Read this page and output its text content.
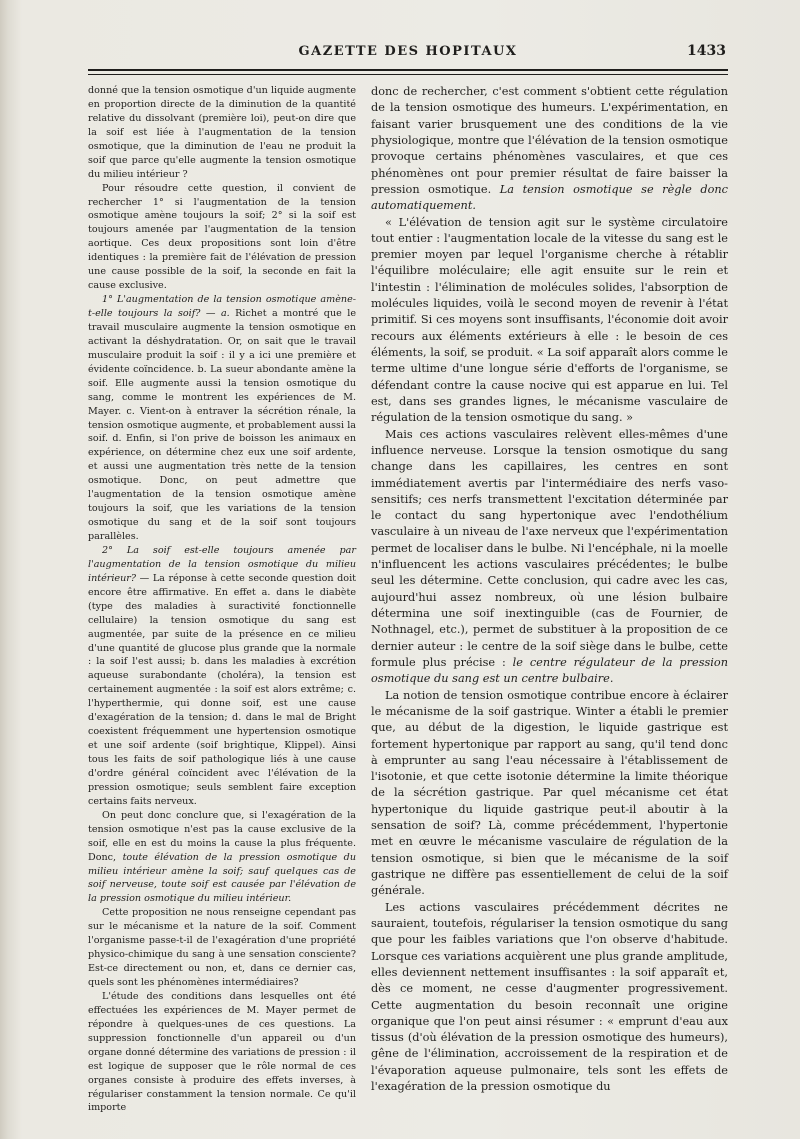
GAZETTE DES HOPITAUX	1433

donné que la tension osmotique d'un liquide augmente en proportion directe de la diminution de la quantité relative du dissolvant (première loi), peut-on dire que la soif est liée à l'augmentation de la tension osmotique, que la diminution de l'eau ne produit la soif que parce qu'elle augmente la tension osmotique du milieu intérieur ?

Pour résoudre cette question, il convient de rechercher 1° si l'augmentation de la tension osmotique amène toujours la soif; 2° si la soif est toujours amenée par l'augmentation de la tension aortique. Ces deux propositions sont loin d'être identiques : la première fait de l'élévation de pression une cause possible de la soif, la seconde en fait la cause exclusive.

1° L'augmentation de la tension osmotique amène-t-elle toujours la soif? — a. Richet a montré que le travail musculaire augmente la tension osmotique en activant la déshydratation. Or, on sait que le travail musculaire produit la soif : il y a ici une première et évidente coïncidence. b. La sueur abondante amène la soif. Elle augmente aussi la tension osmotique du sang, comme le montrent les expériences de M. Mayer. c. Vient-on à entraver la sécrétion rénale, la tension osmotique augmente, et probablement aussi la soif. d. Enfin, si l'on prive de boisson les animaux en expérience, on détermine chez eux une soif ardente, et aussi une augmentation très nette de la tension osmotique. Donc, on peut admettre que l'augmentation de la tension osmotique amène toujours la soif, que les variations de la tension osmotique du sang et de la soif sont toujours parallèles.

2° La soif est-elle toujours amenée par l'augmentation de la tension osmotique du milieu intérieur? — La réponse à cette seconde question doit encore être affirmative. En effet a. dans le diabète (type des maladies à suractivité fonctionnelle cellulaire) la tension osmotique du sang est augmentée, par suite de la présence en ce milieu d'une quantité de glucose plus grande que la normale : la soif l'est aussi; b. dans les maladies à excrétion aqueuse surabondante (choléra), la tension est certainement augmentée : la soif est alors extrême; c. l'hyperthermie, qui donne soif, est une cause d'exagération de la tension; d. dans le mal de Bright coexistent fréquemment une hypertension osmotique et une soif ardente (soif brightique, Klippel). Ainsi tous les faits de soif pathologique liés à une cause d'ordre général coïncident avec l'élévation de la pression osmotique; seuls semblent faire exception certains faits nerveux.

On peut donc conclure que, si l'exagération de la tension osmotique n'est pas la cause exclusive de la soif, elle en est du moins la cause la plus fréquente. Donc, toute élévation de la pression osmotique du milieu intérieur amène la soif; sauf quelques cas de soif nerveuse, toute soif est causée par l'élévation de la pression osmotique du milieu intérieur.

Cette proposition ne nous renseigne cependant pas sur le mécanisme et la nature de la soif. Comment l'organisme passe-t-il de l'exagération d'une propriété physico-chimique du sang à une sensation consciente? Est-ce directement ou non, et, dans ce dernier cas, quels sont les phénomènes intermédiaires?

L'étude des conditions dans lesquelles ont été effectuées les expériences de M. Mayer permet de répondre à quelques-unes de ces questions. La suppression fonctionnelle d'un appareil ou d'un organe donné détermine des variations de pression : il est logique de supposer que le rôle normal de ces organes consiste à produire des effets inverses, à régulariser constamment la tension normale. Ce qu'il importe

donc de rechercher, c'est comment s'obtient cette régulation de la tension osmotique des humeurs. L'expérimentation, en faisant varier brusquement une des conditions de la vie physiologique, montre que l'élévation de la tension osmotique provoque certains phénomènes vasculaires, et que ces phénomènes ont pour premier résultat de faire baisser la pression osmotique. La tension osmotique se règle donc automatiquement.

« L'élévation de tension agit sur le système circulatoire tout entier : l'augmentation locale de la vitesse du sang est le premier moyen par lequel l'organisme cherche à rétablir l'équilibre moléculaire; elle agit ensuite sur le rein et l'intestin : l'élimination de molécules solides, l'absorption de molécules liquides, voilà le second moyen de revenir à l'état primitif. Si ces moyens sont insuffisants, l'économie doit avoir recours aux éléments extérieurs à elle : le besoin de ces éléments, la soif, se produit. « La soif apparaît alors comme le terme ultime d'une longue série d'efforts de l'organisme, se défendant contre la cause nocive qui est apparue en lui. Tel est, dans ses grandes lignes, le mécanisme vasculaire de régulation de la tension osmotique du sang. »

Mais ces actions vasculaires relèvent elles-mêmes d'une influence nerveuse. Lorsque la tension osmotique du sang change dans les capillaires, les centres en sont immédiatement avertis par l'intermédiaire des nerfs vaso-sensitifs; ces nerfs transmettent l'excitation déterminée par le contact du sang hypertonique avec l'endothélium vasculaire à un niveau de l'axe nerveux que l'expérimentation permet de localiser dans le bulbe. Ni l'encéphale, ni la moelle n'influencent les actions vasculaires précédentes; le bulbe seul les détermine. Cette conclusion, qui cadre avec les cas, aujourd'hui assez nombreux, où une lésion bulbaire détermina une soif inextinguible (cas de Fournier, de Nothnagel, etc.), permet de substituer à la proposition de ce dernier auteur : le centre de la soif siège dans le bulbe, cette formule plus précise : le centre régulateur de la pression osmotique du sang est un centre bulbaire.

La notion de tension osmotique contribue encore à éclairer le mécanisme de la soif gastrique. Winter a établi le premier que, au début de la digestion, le liquide gastrique est fortement hypertonique par rapport au sang, qu'il tend donc à emprunter au sang l'eau nécessaire à l'établissement de l'isotonie, et que cette isotonie détermine la limite théorique de la sécrétion gastrique. Par quel mécanisme cet état hypertonique du liquide gastrique peut-il aboutir à la sensation de soif? Là, comme précédemment, l'hypertonie met en œuvre le mécanisme vasculaire de régulation de la tension osmotique, si bien que le mécanisme de la soif gastrique ne diffère pas essentiellement de celui de la soif générale.

Les actions vasculaires précédemment décrites ne sauraient, toutefois, régulariser la tension osmotique du sang que pour les faibles variations que l'on observe d'habitude. Lorsque ces variations acquièrent une plus grande amplitude, elles deviennent nettement insuffisantes : la soif apparaît et, dès ce moment, ne cesse d'augmenter progressivement. Cette augmentation du besoin reconnaît une origine organique que l'on peut ainsi résumer : « emprunt d'eau aux tissus (d'où élévation de la pression osmotique des humeurs), gêne de l'élimination, accroissement de la respiration et de l'évaporation aqueuse pulmonaire, tels sont les effets de l'exagération de la pression osmotique du
